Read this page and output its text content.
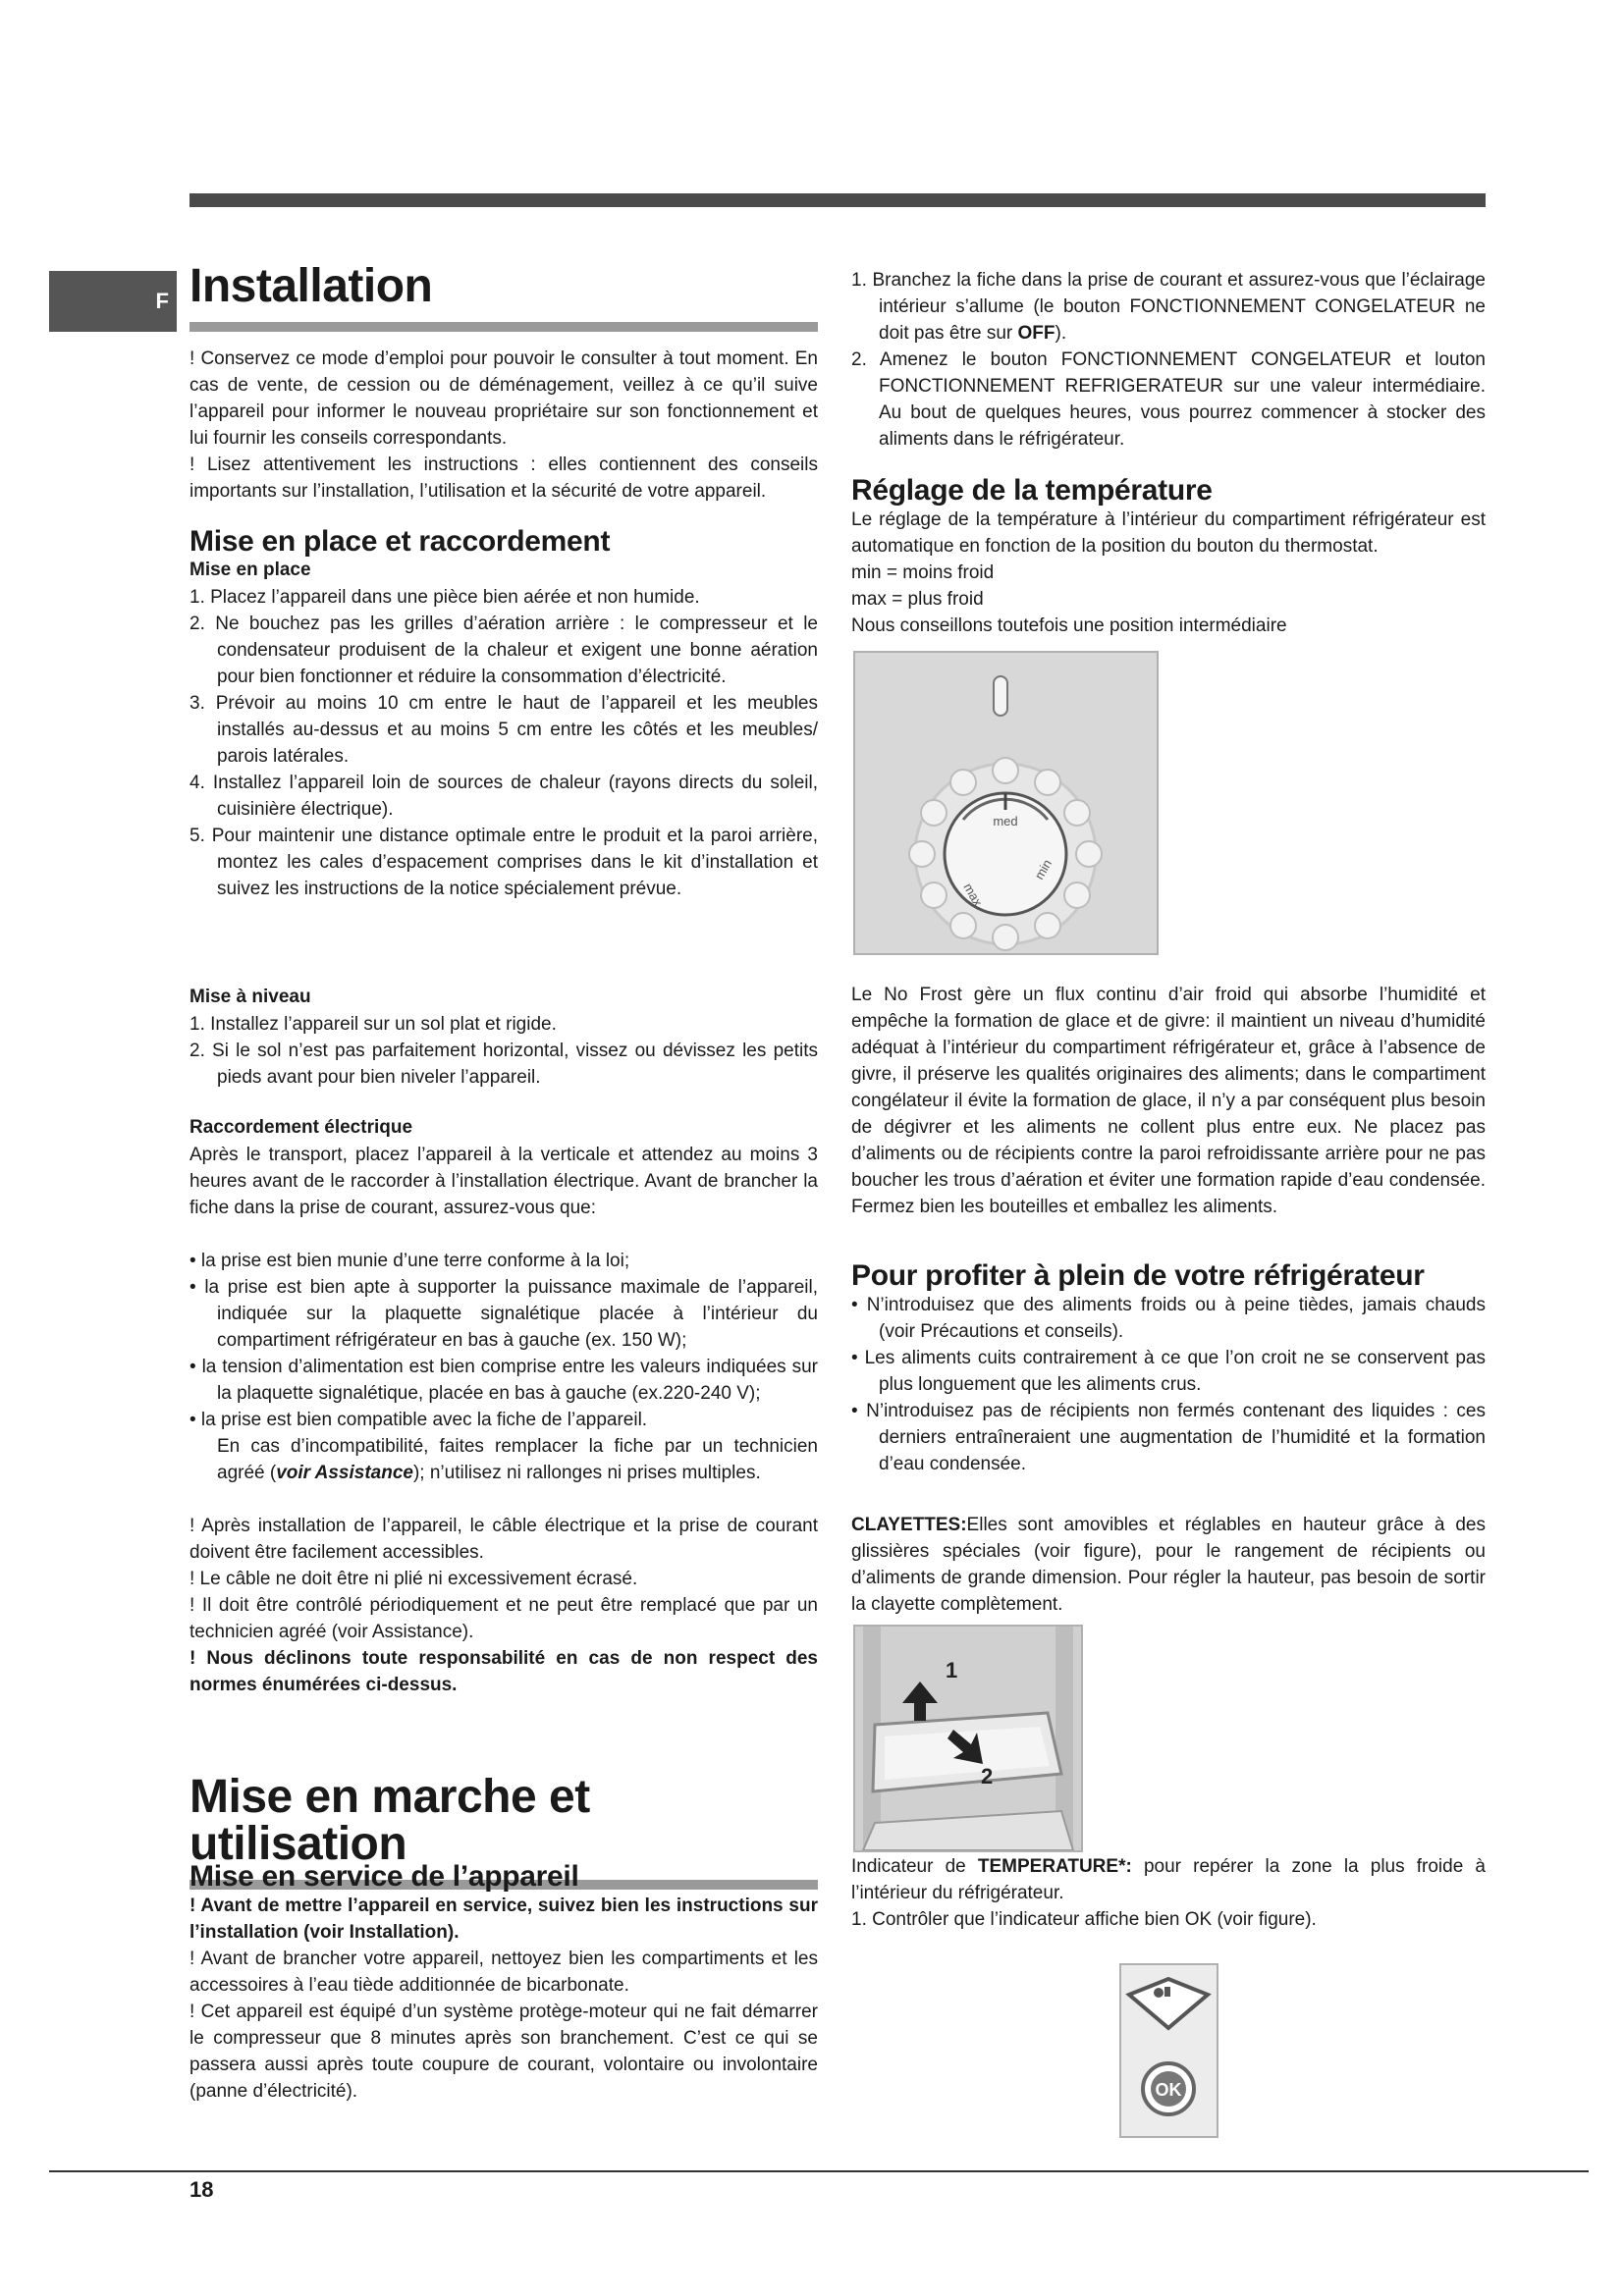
F Installation

! Conservez ce mode d’emploi pour pouvoir le consulter à tout moment. En cas de vente, de cession ou de déménagement, veillez à ce qu’il suive l’appareil pour informer le nouveau propriétaire sur son fonctionnement et lui fournir les conseils correspondants.

! Lisez attentivement les instructions : elles contiennent des conseils importants sur l’installation, l’utilisation et la sécurité de votre appareil.

Mise en place et raccordement
Mise en place
1. Placez l’appareil dans une pièce bien aérée et non humide.
2. Ne bouchez pas les grilles d’aération arrière : le compresseur et le condensateur produisent de la chaleur et exigent une bonne aération pour bien fonctionner et réduire la consommation d’électricité.
3. Prévoir au moins 10 cm entre le haut de l’appareil et les meubles installés au-dessus et au moins 5 cm entre les côtés et les meubles/ parois latérales.
4. Installez l’appareil loin de sources de chaleur (rayons directs du soleil, cuisinière électrique).
5. Pour maintenir une distance optimale entre le produit et la paroi arrière, montez les cales d’espacement comprises dans le kit d’installation et suivez les instructions de la notice spécialement prévue.
Mise à niveau
1. Installez l’appareil sur un sol plat et rigide.
2. Si le sol n’est pas parfaitement horizontal, vissez ou dévissez les petits pieds avant pour bien niveler l’appareil.
Raccordement électrique

Après le transport, placez l’appareil à la verticale et attendez au moins 3 heures avant de le raccorder à l’installation électrique. Avant de brancher la fiche dans la prise de courant, assurez-vous que:

• la prise est bien munie d’une terre conforme à la loi;
• la prise est bien apte à supporter la puissance maximale de l’appareil, indiquée sur la plaquette signalétique placée à l’intérieur du compartiment réfrigérateur en bas à gauche (ex. 150 W);
• la tension d’alimentation est bien comprise entre les valeurs indiquées sur la plaquette signalétique, placée en bas à gauche (ex.220-240 V);
• la prise est bien compatible avec la fiche de l’appareil.

En cas d’incompatibilité, faites remplacer la fiche par un technicien agréé (voir Assistance); n’utilisez ni rallonges ni prises multiples.

! Après installation de l’appareil, le câble électrique et la prise de courant doivent être facilement accessibles.

! Le câble ne doit être ni plié ni excessivement écrasé.

! Il doit être contrôlé périodiquement et ne peut être remplacé que par un technicien agréé (voir Assistance).

! Nous déclinons toute responsabilité en cas de non respect des normes énumérées ci-dessus.

Mise en marche et utilisation
Mise en service de l’appareil

! Avant de mettre l’appareil en service, suivez bien les instructions sur l’installation (voir Installation).

! Avant de brancher votre appareil, nettoyez bien les compartiments et les accessoires à l’eau tiède additionnée de bicarbonate.

! Cet appareil est équipé d’un système protège-moteur qui ne fait démarrer le compresseur que 8 minutes après son branchement. C’est ce qui se passera aussi après toute coupure de courant, volontaire ou involontaire (panne d’électricité).

1. Branchez la fiche dans la prise de courant et assurez-vous que l’éclairage intérieur s’allume (le bouton FONCTIONNEMENT CONGELATEUR ne doit pas être sur OFF).
2. Amenez le bouton FONCTIONNEMENT CONGELATEUR et louton FONCTIONNEMENT REFRIGERATEUR sur une valeur intermédiaire. Au bout de quelques heures, vous pourrez commencer à stocker des aliments dans le réfrigérateur.
Réglage de la température

Le réglage de la température à l’intérieur du compartiment réfrigérateur est automatique en fonction de la position du bouton du thermostat.

min = moins froid

max = plus froid

Nous conseillons toutefois une position intermédiaire

med
max
min

Le No Frost gère un flux continu d’air froid qui absorbe l’humidité et empêche la formation de glace et de givre: il maintient un niveau d’humidité adéquat à l’intérieur du compartiment réfrigérateur et, grâce à l’absence de givre, il préserve les qualités originaires des aliments; dans le compartiment congélateur il évite la formation de glace, il n’y a par conséquent plus besoin de dégivrer et les aliments ne collent plus entre eux. Ne placez pas d’aliments ou de récipients contre la paroi refroidissante arrière pour ne pas boucher les trous d’aération et éviter une formation rapide d’eau condensée. Fermez bien les bouteilles et emballez les aliments.

Pour profiter à plein de votre réfrigérateur
• N’introduisez que des aliments froids ou à peine tièdes, jamais chauds (voir Précautions et conseils).
• Les aliments cuits contrairement à ce que l’on croit ne se conservent pas plus longuement que les aliments crus.
• N’introduisez pas de récipients non fermés contenant des liquides : ces derniers entraîneraient une augmentation de l’humidité et la formation d’eau condensée.

CLAYETTES:Elles sont amovibles et réglables en hauteur grâce à des glissières spéciales (voir figure), pour le rangement de récipients ou d’aliments de grande dimension. Pour régler la hauteur, pas besoin de sortir la clayette complètement.

1
2

Indicateur de TEMPERATURE*: pour repérer la zone la plus froide à l’intérieur du réfrigérateur.

1. Contrôler que l’indicateur affiche bien OK (voir figure).

OK
18
